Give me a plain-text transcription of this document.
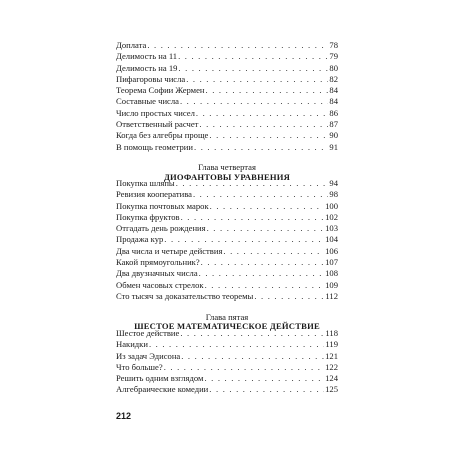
Доплата . . .	78
Делимость на 11 . . .	79
Делимость на 19 . . .	80
Пифагоровы числа . . .	82
Теорема Софии Жермен . . .	84
Составные числа . . .	84
Число простых чисел . . .	86
Ответственный расчет . . .	87
Когда без алгебры проще . . .	90
В помощь геометрии . . .	91
Глава четвертая
ДИОФАНТОВЫ УРАВНЕНИЯ
Покупка шляпы . . .	94
Ревизия кооператива . . .	98
Покупка почтовых марок . . .	100
Покупка фруктов . . .	102
Отгадать день рождения . . .	103
Продажа кур . . .	104
Два числа и четыре действия . . .	106
Какой прямоугольник? . . .	107
Два двузначных числа . . .	108
Обмен часовых стрелок . . .	109
Сто тысяч за доказательство теоремы . . .	112
Глава пятая
ШЕСТОЕ МАТЕМАТИЧЕСКОЕ ДЕЙСТВИЕ
Шестое действие . . .	118
Накидки . . .	119
Из задач Эдисона . . .	121
Что больше? . . .	122
Решить одним взглядом . . .	124
Алгебраические комедии . . .	125
212
